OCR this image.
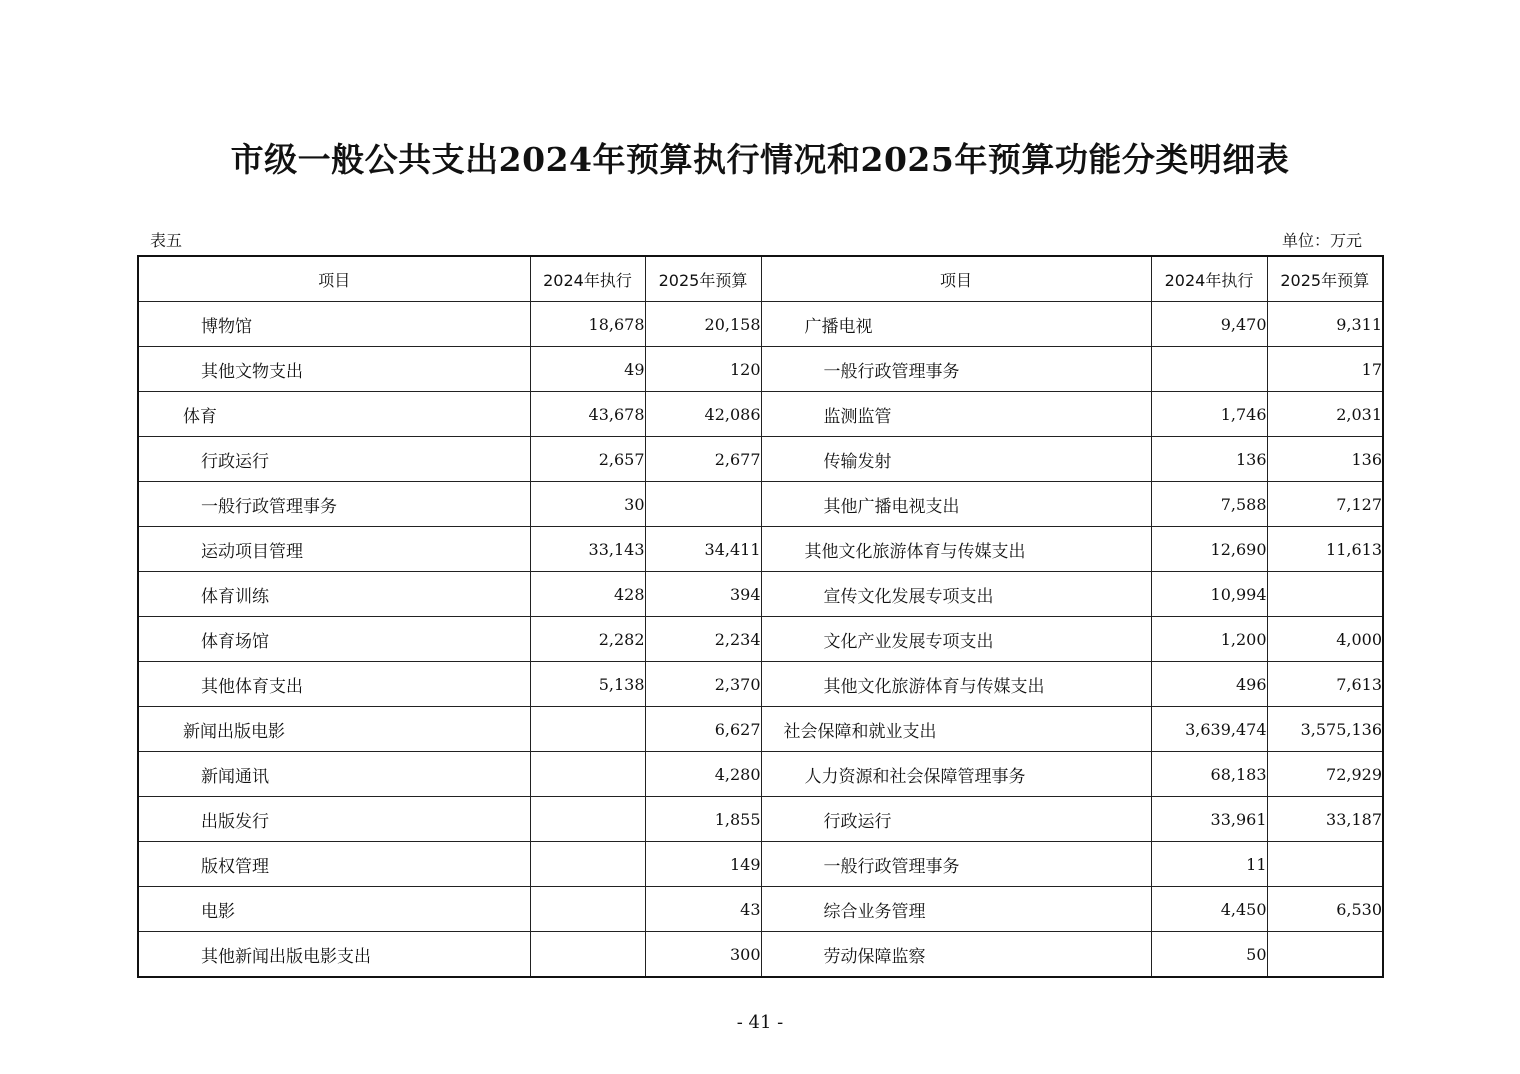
市级一般公共支出2024年预算执行情况和2025年预算功能分类明细表
表五	单位：万元
项目	2024年执行	2025年预算	项目	2024年执行	2025年预算
博物馆	18,678	20,158	广播电视	9,470	9,311
其他文物支出	49	120	一般行政管理事务		17
体育	43,678	42,086	监测监管	1,746	2,031
行政运行	2,657	2,677	传输发射	136	136
一般行政管理事务	30		其他广播电视支出	7,588	7,127
运动项目管理	33,143	34,411	其他文化旅游体育与传媒支出	12,690	11,613
体育训练	428	394	宣传文化发展专项支出	10,994	
体育场馆	2,282	2,234	文化产业发展专项支出	1,200	4,000
其他体育支出	5,138	2,370	其他文化旅游体育与传媒支出	496	7,613
新闻出版电影		6,627	社会保障和就业支出	3,639,474	3,575,136
新闻通讯		4,280	人力资源和社会保障管理事务	68,183	72,929
出版发行		1,855	行政运行	33,961	33,187
版权管理		149	一般行政管理事务	11	
电影		43	综合业务管理	4,450	6,530
其他新闻出版电影支出		300	劳动保障监察	50	
- 41 -
